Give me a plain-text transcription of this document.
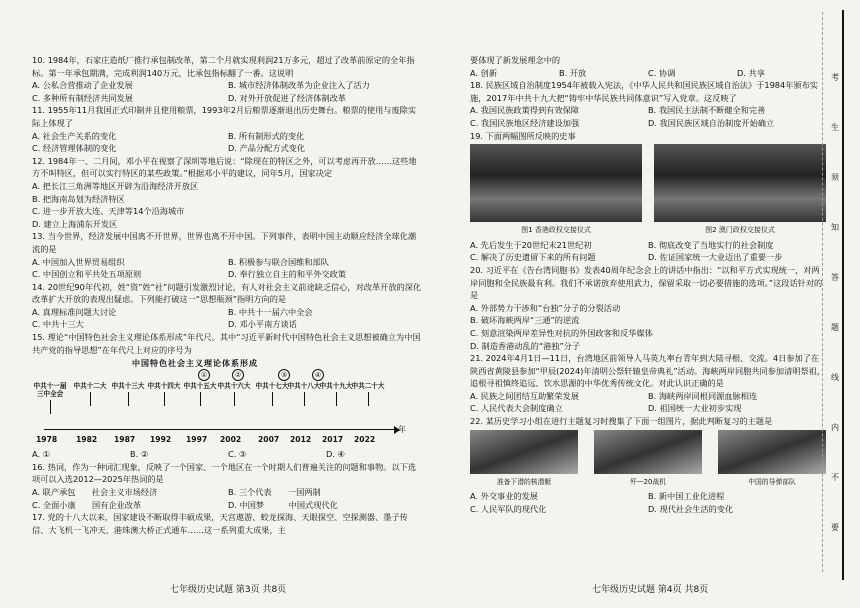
10. 1984年，石家庄造纸厂推行承包制改革，第二个月就实现利润21万多元，超过了改革前原定的全年指标。第一年承包期满，完成利润140万元，比承包指标翻了一番。这说明

A. 公私合营推动了企业发展	B. 城市经济体制改革为企业注入了活力
C. 多种所有制经济共同发展	D. 对外开放促进了经济体制改革

11. 1955年11月我国正式印制并且使用粮票，1993年2月后粮票逐渐退出历史舞台。粮票的使用与废除实际上体现了

A. 社会生产关系的变化	B. 所有制形式的变化
C. 经济管理体制的变化	D. 产品分配方式变化

12. 1984年一、二月间，邓小平在视察了深圳等地后说：“除现在的特区之外，可以考虑再开放……这些地方不叫特区，但可以实行特区的某些政策。”根据邓小平的建议，同年5月，国家决定

A. 把长江三角洲等地区开辟为沿海经济开放区
B. 把海南岛划为经济特区
C. 进一步开放大连、天津等14个沿海城市
D. 建立上海浦东开发区

13. 当今世界，经济发展中国离不开世界，世界也离不开中国。下列事件，表明中国主动顺应经济全球化潮流的是

A. 中国加入世界贸易组织	B. 积极参与联合国维和部队
C. 中国创立和平共处五项原则	D. 奉行独立自主的和平外交政策

14. 20世纪90年代初，姓“资”姓“社”问题引发激烈讨论，有人对社会主义前途缺乏信心，对改革开放的深化改革扩大开放的表现出疑虑。下列能打破这一“思想瓶颈”指明方向的是

A. 真理标准问题大讨论	B. 中共十一届六中全会
C. 中共十三大	D. 邓小平南方谈话

15. 理论“中国特色社会主义理论体系形成”年代尺。其中“习近平新时代中国特色社会主义思想被确立为中国共产党的指导思想”在年代尺上对应的序号为

中国特色社会主义理论体系形成
①	②	③	④
中共十一届三中全会
中共十二大 中共十三大 中共十四大 中共十五大 中共十六大 中共十七大 中共十八大 中共十九大 中共二十大
年
1978 1982 1987 1992 1997 2002 2007 2012 2017 2022
A. ①	B. ②	C. ③	D. ④

16. 热词，作为一种词汇现象，反映了一个国家、一个地区在一个时期人们普遍关注的问题和事物。以下选项可以入选2012—2025年热词的是

A. 联产承包　　社会主义市场经济	B. 三个代表　　一国两制
C. 全面小康　　国有企业改革	D. 中国梦　　　中国式现代化

17. 党的十八大以来，国家建设不断取得丰硕成果，天宫遨游、蛟龙探海、天眼探空、空探测器、墨子传信、大飞机一飞冲天、港珠澳大桥正式通车……这一系列重大成果，主

七年级历史试题 第3页 共8页

要体现了新发展理念中的

A. 创新	B. 开放	C. 协调	D. 共享

18. 民族区域自治制度1954年被载入宪法，《中华人民共和国民族区域自治法》于1984年颁布实施，2017年中共十九大把“铸牢中华民族共同体意识”写入党章。这反映了

A. 我国民族政策得到有效保障	B. 我国民主法制不断健全和完善
C. 我国民族地区经济建设加强	D. 我国民族区域自治制度开始确立

19. 下面两幅图所反映的史事

图1 香港政权交接仪式	图2 澳门政权交接仪式
A. 先后发生于20世纪末21世纪初	B. 彻底改变了当地实行的社会制度
C. 解决了历史遗留下来的所有问题	D. 佐证国家统一大业迈出了重要一步

20. 习近平在《告台湾同胞书》发表40周年纪念会上的讲话中指出：“以和平方式实现统一，对两岸同胞和全民族最有利。我们不承诺放弃使用武力，保留采取一切必要措施的选项。”这段话针对的是

A. 外部势力干涉和“台独”分子的分裂活动
B. 破坏海峡两岸“三通”的逆流
C. 刻意渲染两岸差异性对抗的外国政客和反华媒体
D. 制造香港动乱的“港独”分子

21. 2024年4月1日—11日，台湾地区前领导人马英九率台青年到大陆寻根、交流。4日参加了在陕西省黄陵县参加“甲辰(2024)年清明公祭轩辕皇帝典礼”活动。海峡两岸同胞共同参加清明祭祖，追根寻祖慎终追远、饮水思源的中华优秀传统文化。对此认识正确的是

A. 民族之间团结互助繁荣发展	B. 海峡两岸同根同源血脉相连
C. 人民代表大会制度确立	D. 祖国统一大业初步实现

22. 某历史学习小组在进行主题复习时搜集了下面一组图片，据此判断复习的主题是

准备下潜的核潜艇	歼—20战机	中国的导弹部队
A. 外交事业的发展	B. 新中国工业化进程
C. 人民军队的现代化	D. 现代社会生活的变化
七年级历史试题 第4页 共8页
考
生
须
知
答
题
线
内
不
要
